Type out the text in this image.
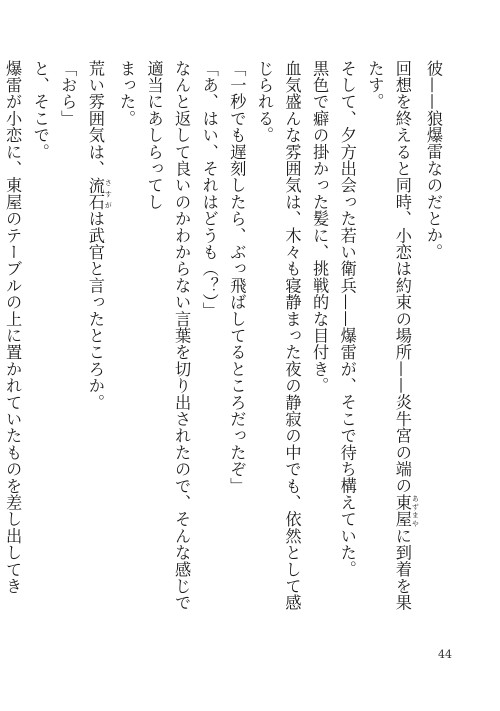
彼——狼爆雷なのだとか。

回想を終えると同時、小恋は約束の場所——炎牛宮の端の東屋 あずまやに到着を果たす。

そして、夕方出会った若い衛兵——爆雷が、そこで待ち構えていた。

黒色で癖の掛かった髪に、挑戦的な目付き。

血気盛んな雰囲気は、木々も寝静まった夜の静寂の中でも、依然として感じられる。

「一秒でも遅刻したら、ぶっ飛ばしてるところだったぞ」

「あ、はい、それはどうも（？）」

なんと返して良いのかわからない言葉を切り出されたので、そんな感じで適当にあしらってし

まった。

荒い雰囲気は、流石 さすがは武官と言ったところか。

「おら」

と、そこで。

爆雷が小恋に、東屋のテーブルの上に置かれていたものを差し出してき

44
